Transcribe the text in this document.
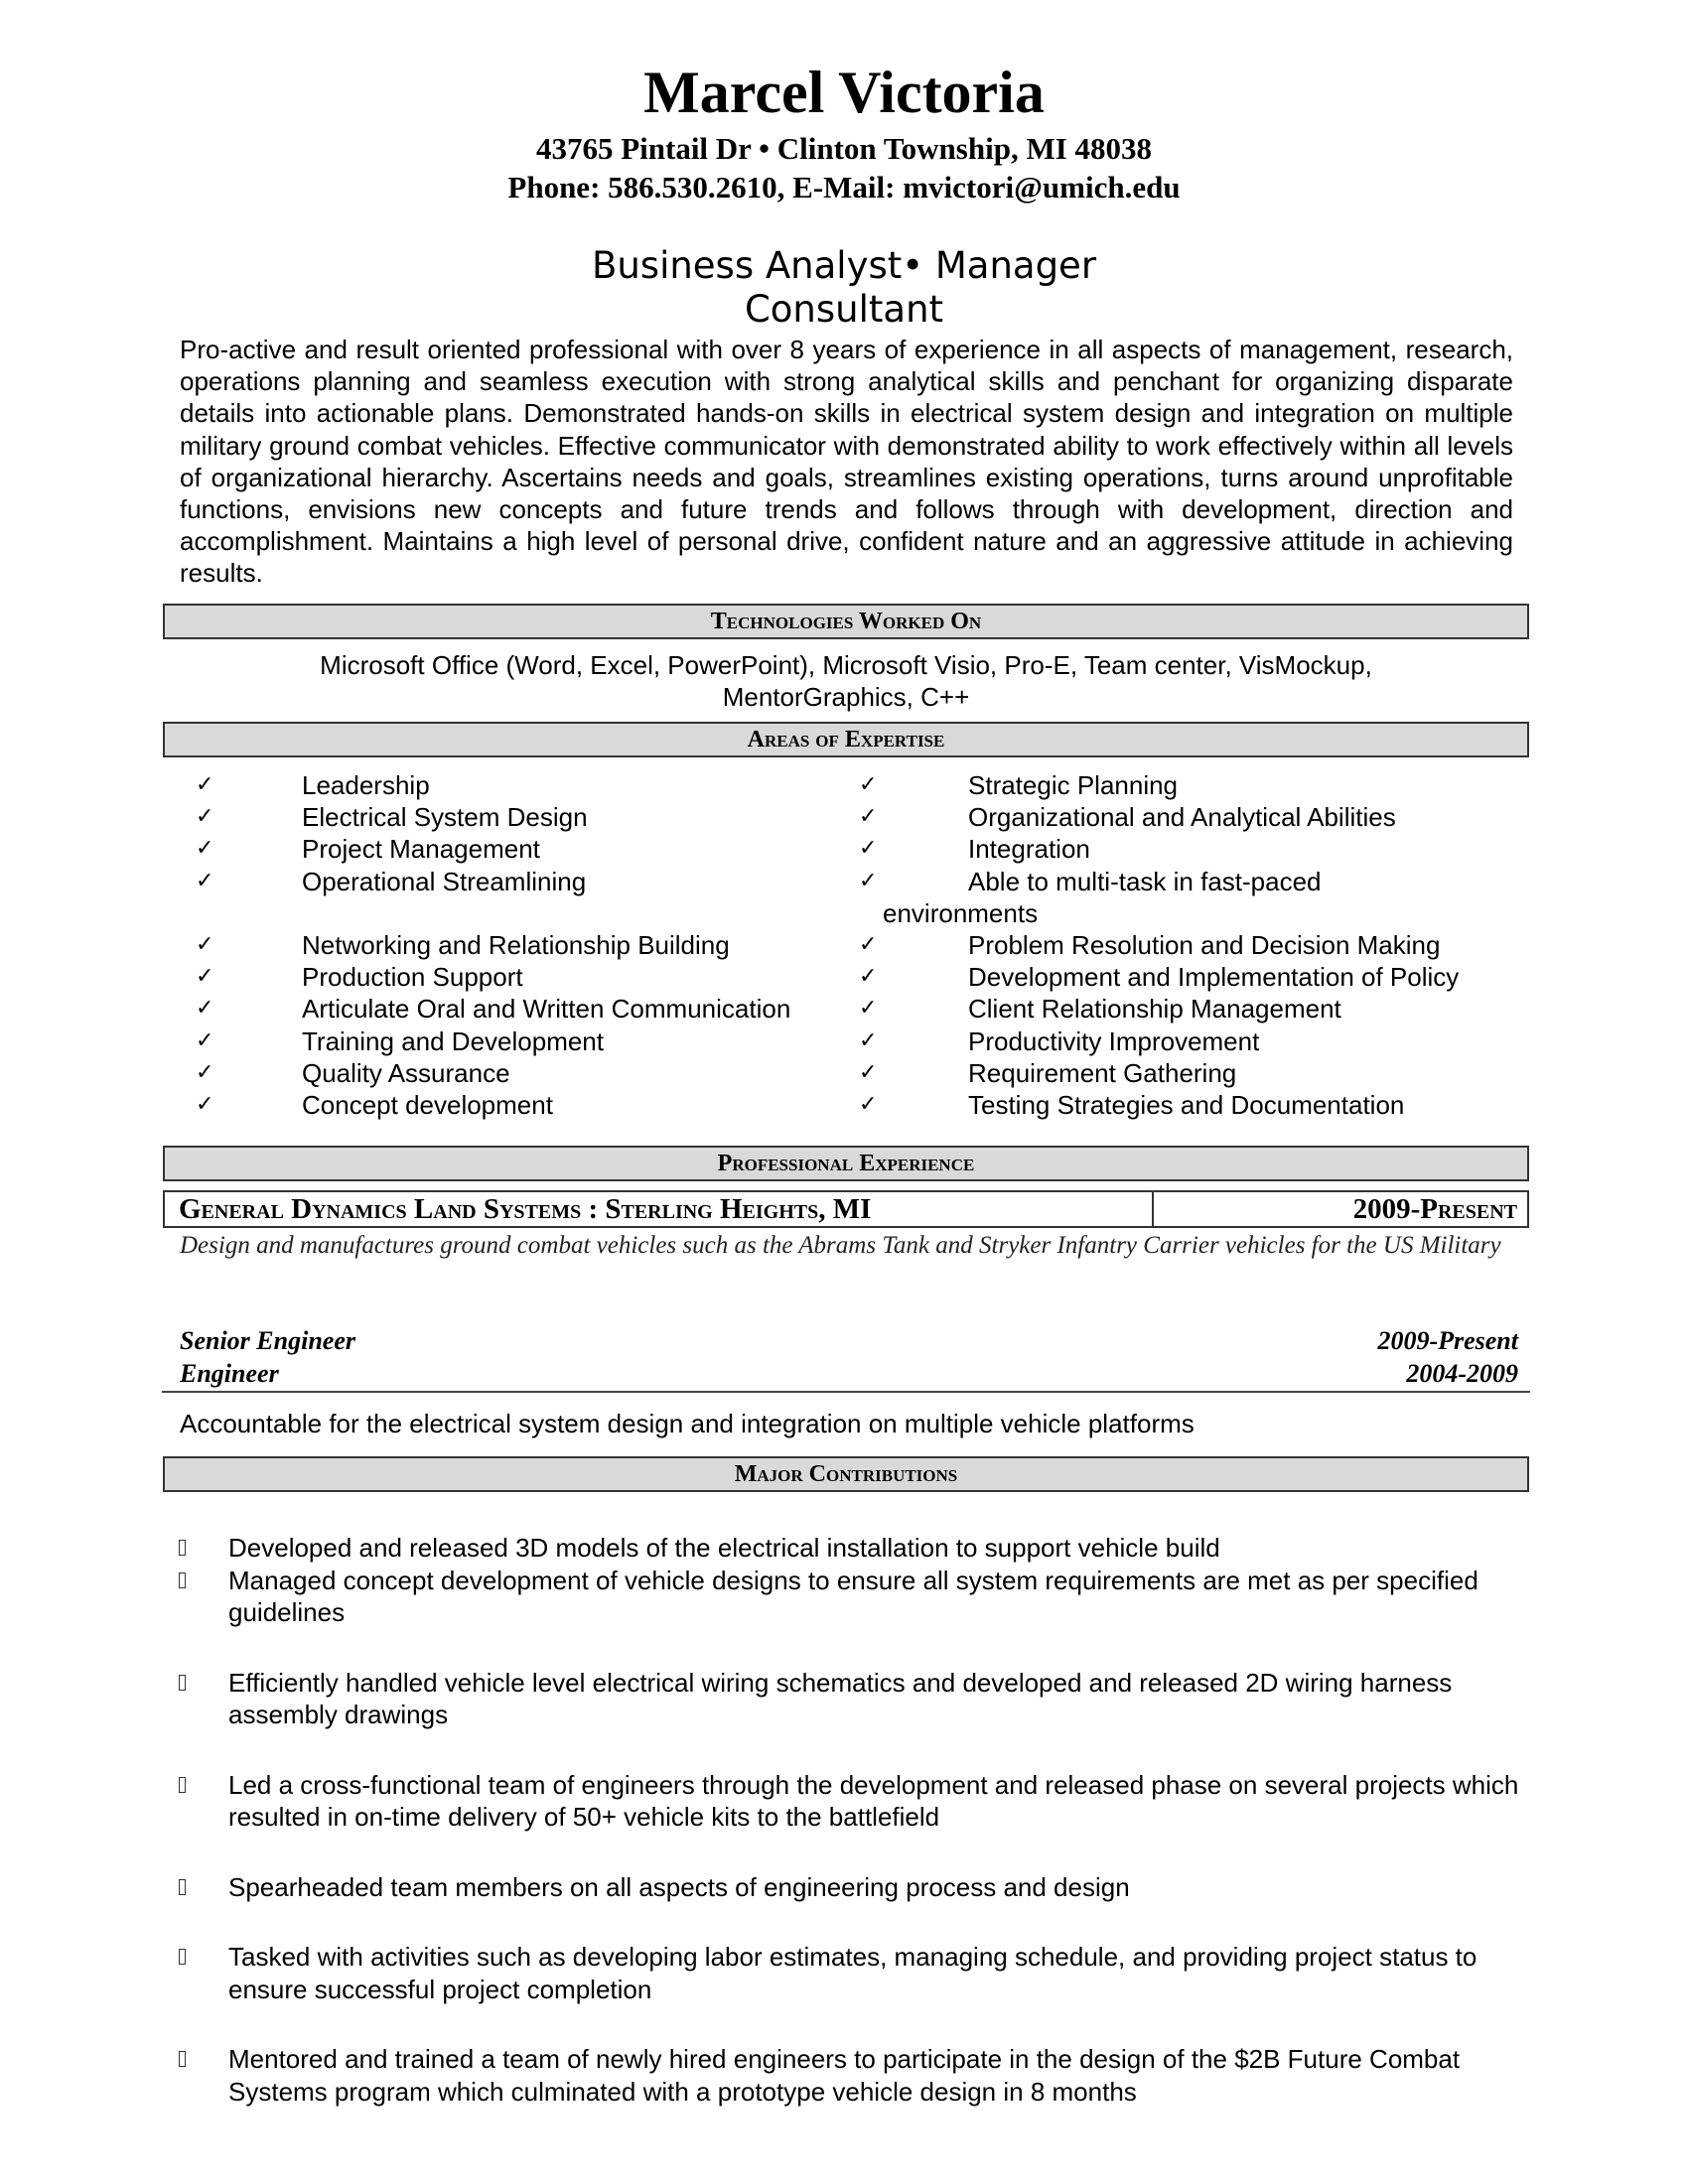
Marcel Victoria
43765 Pintail Dr • Clinton Township, MI 48038
Phone: 586.530.2610, E-Mail: mvictori@umich.edu
Business Analyst• Manager
Consultant

Pro-active and result oriented professional with over 8 years of experience in all aspects of management, research, operations planning and seamless execution with strong analytical skills and penchant for organizing disparate details into actionable plans. Demonstrated hands-on skills in electrical system design and integration on multiple military ground combat vehicles. Effective communicator with demonstrated ability to work effectively within all levels of organizational hierarchy. Ascertains needs and goals, streamlines existing operations, turns around unprofitable functions, envisions new concepts and future trends and follows through with development, direction and accomplishment. Maintains a high level of personal drive, confident nature and an aggressive attitude in achieving results.

Technologies Worked On
Microsoft Office (Word, Excel, PowerPoint), Microsoft Visio, Pro-E, Team center, VisMockup,
MentorGraphics, C++
Areas of Expertise
✓	Leadership
✓	Electrical System Design
✓	Project Management
✓	Operational Streamlining
✓	Networking and Relationship Building
✓	Production Support
✓	Articulate Oral and Written Communication
✓	Training and Development
✓	Quality Assurance
✓	Concept development
✓	Strategic Planning
✓	Organizational and Analytical Abilities
✓	Integration
✓	Able to multi-task in fast-paced
environments
✓	Problem Resolution and Decision Making
✓	Development and Implementation of Policy
✓	Client Relationship Management
✓	Productivity Improvement
✓	Requirement Gathering
✓	Testing Strategies and Documentation
Professional Experience
General Dynamics Land Systems : Sterling Heights, MI	2009-Present
Design and manufactures ground combat vehicles such as the Abrams Tank and Stryker Infantry Carrier vehicles for the US Military
Senior Engineer	2009-Present
Engineer	2004-2009
Accountable for the electrical system design and integration on multiple vehicle platforms
Major Contributions
Developed and released 3D models of the electrical installation to support vehicle build
Managed concept development of vehicle designs to ensure all system requirements are met as per specified guidelines
Efficiently handled vehicle level electrical wiring schematics and developed and released 2D wiring harness assembly drawings
Led a cross-functional team of engineers through the development and released phase on several projects which resulted in on-time delivery of 50+ vehicle kits to the battlefield
Spearheaded team members on all aspects of engineering process and design
Tasked with activities such as developing labor estimates, managing schedule, and providing project status to ensure successful project completion
Mentored and trained a team of newly hired engineers to participate in the design of the $2B Future Combat Systems program which culminated with a prototype vehicle design in 8 months
